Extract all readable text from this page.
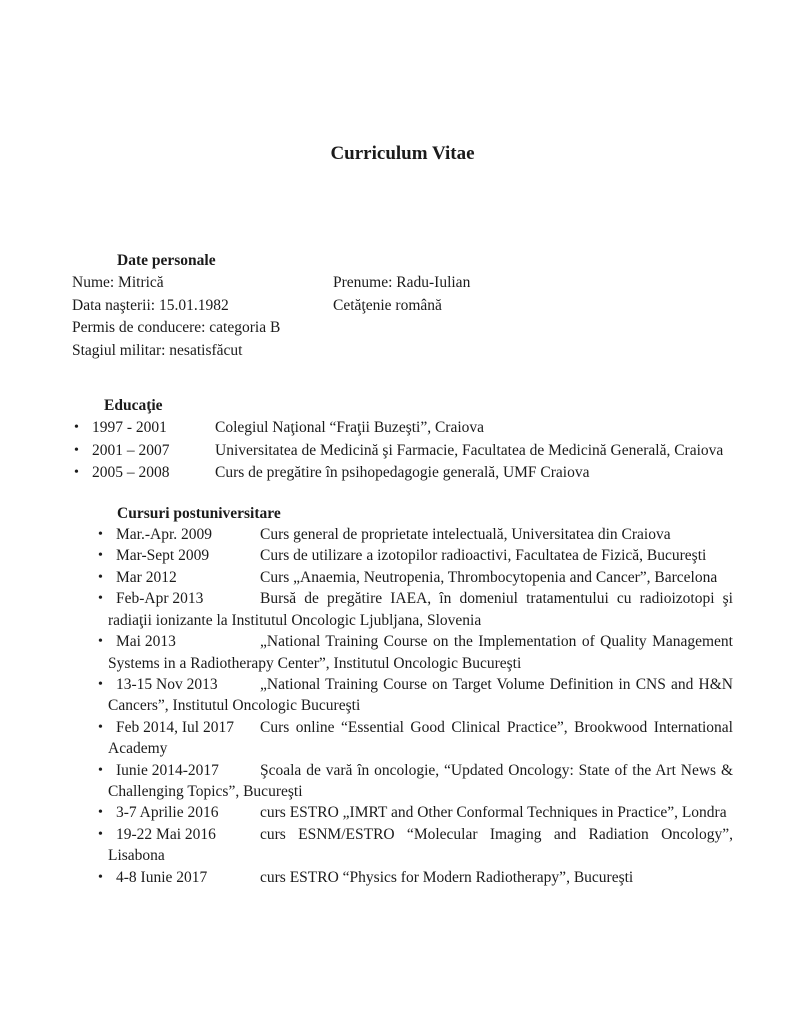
Curriculum Vitae
Date personale
Nume: Mitrică	Prenume: Radu-Iulian
Data naşterii: 15.01.1982	Cetăţenie română
Permis de conducere: categoria B
Stagiul militar: nesatisfăcut
Educaţie
• 1997 - 2001	Colegiul Naţional “Fraţii Buzeşti”, Craiova
• 2001 – 2007	Universitatea de Medicină şi Farmacie, Facultatea de Medicină Generală, Craiova
• 2005 – 2008	Curs de pregătire în psihopedagogie generală, UMF Craiova
Cursuri postuniversitare
• Mar.-Apr. 2009	Curs general de proprietate intelectuală, Universitatea din Craiova
• Mar-Sept 2009	Curs de utilizare a izotopilor radioactivi, Facultatea de Fizică, Bucureşti
• Mar 2012	Curs „Anaemia, Neutropenia, Thrombocytopenia and Cancer”, Barcelona
• Feb-Apr 2013	Bursă de pregătire IAEA, în domeniul tratamentului cu radioizotopi şi radiaţii ionizante la Institutul Oncologic Ljubljana, Slovenia
• Mai 2013	„National Training Course on the Implementation of Quality Management Systems in a Radiotherapy Center”, Institutul Oncologic Bucureşti
• 13-15 Nov 2013	„National Training Course on Target Volume Definition in CNS and H&N Cancers”, Institutul Oncologic Bucureşti
• Feb 2014, Iul 2017 Curs online “Essential Good Clinical Practice”, Brookwood International Academy
• Iunie 2014-2017	Şcoala de vară în oncologie, “Updated Oncology: State of the Art News & Challenging Topics”, Bucureşti
• 3-7 Aprilie 2016	curs ESTRO „IMRT and Other Conformal Techniques in Practice”, Londra
• 19-22 Mai 2016	curs ESNM/ESTRO “Molecular Imaging and Radiation Oncology”, Lisabona
• 4-8 Iunie 2017	curs ESTRO “Physics for Modern Radiotherapy”, Bucureşti
